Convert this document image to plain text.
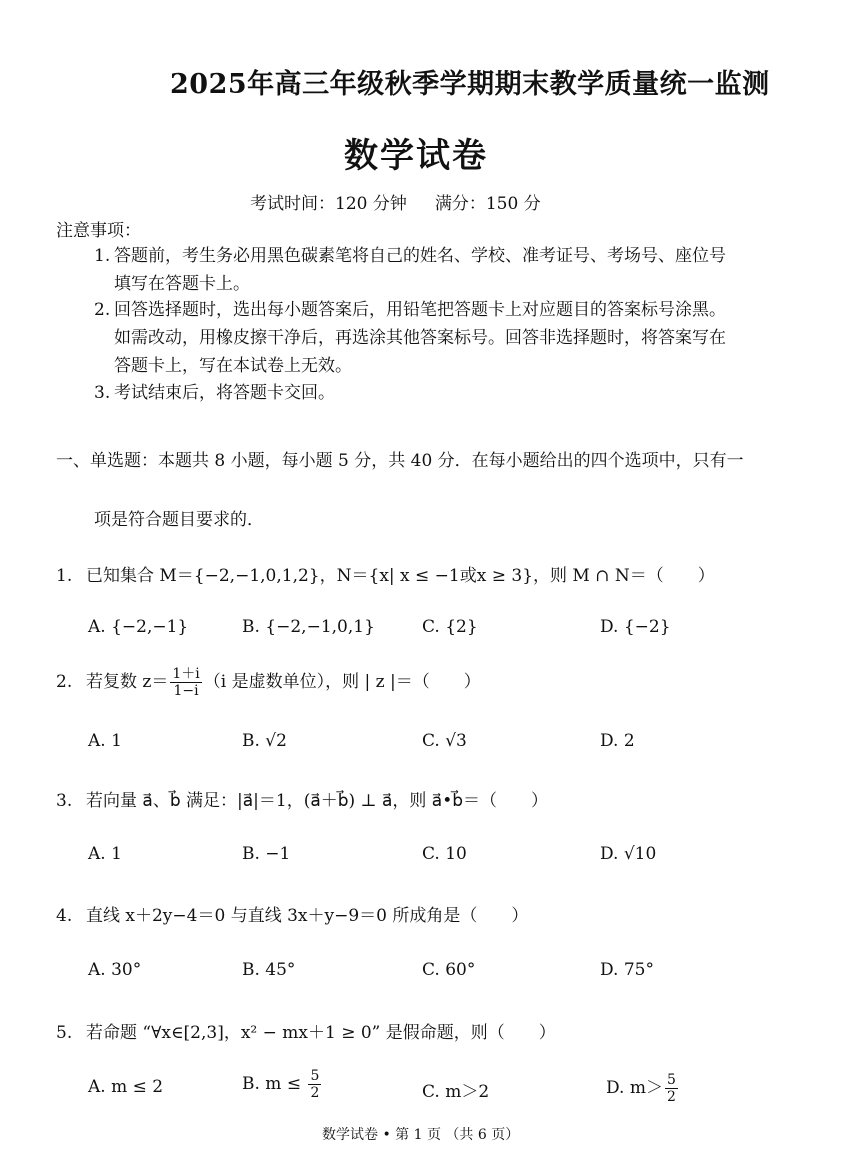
2025年高三年级秋季学期期末教学质量统一监测
数学试卷
考试时间：120 分钟 满分：150 分
注意事项：
1. 答题前，考生务必用黑色碳素笔将自己的姓名、学校、准考证号、考场号、座位号
填写在答题卡上。
2. 回答选择题时，选出每小题答案后，用铅笔把答题卡上对应题目的答案标号涂黑。
如需改动，用橡皮擦干净后，再选涂其他答案标号。回答非选择题时，将答案写在
答题卡上，写在本试卷上无效。
3. 考试结束后，将答题卡交回。
一、单选题：本题共 8 小题，每小题 5 分，共 40 分．在每小题给出的四个选项中，只有一
项是符合题目要求的．
1. 已知集合 M＝{−2,−1,0,1,2}，N＝{x| x ≤ −1或x ≥ 3}，则 M ∩ N＝（　　）
A. {−2,−1}	B. {−2,−1,0,1}	C. {2}	D. {−2}
2. 若复数 $z= \frac{1+i}{1-i} (i$ 是虚数单位），则 | z |＝（　　）
A. 1	B. √2	C. √3	D. 2
3. 若向量 a⃗、b⃗ 满足：|a⃗|＝1，(a⃗＋b⃗) ⊥ a⃗，则 a⃗•b⃗＝（　　）
A. 1	B. −1	C. 10	D. √10
4. 直线 x＋2y−4＝0 与直线 3x＋y−9＝0 所成角是（　　）
A. 30°	B. 45°	C. 60°	D. 75°
5. 若命题 “∀x∈[2,3]，x² − mx＋1 ≥ 0” 是假命题，则（　　）
A. m ≤ 2	B. $m \le \frac{5}{2}$	C. m＞2	D. $m> \frac{5}{2}$
数学试卷 • 第 1 页 （共 6 页）
